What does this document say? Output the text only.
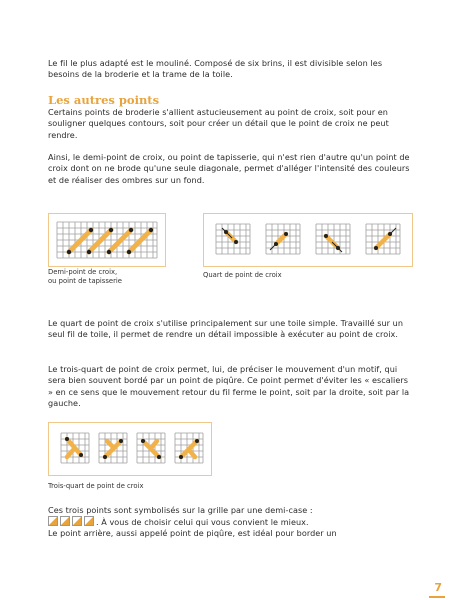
Le fil le plus adapté est le mouliné. Composé de six brins, il est divisible selon les besoins de la broderie et la trame de la toile.

Les autres points

Certains points de broderie s'allient astucieusement au point de croix, soit pour en souligner quelques contours, soit pour créer un détail que le point de croix ne peut rendre.

Ainsi, le demi-point de croix, ou point de tapisserie, qui n'est rien d'autre qu'un point de croix dont on ne brode qu'une seule diagonale, permet d'alléger l'intensité des couleurs et de réaliser des ombres sur un fond.

Demi-point de croix,
ou point de tapisserie

Quart de point de croix

Le quart de point de croix s'utilise principalement sur une toile simple. Travaillé sur un seul fil de toile, il permet de rendre un détail impossible à exécuter au point de croix.

Le trois-quart de point de croix permet, lui, de préciser le mouvement d'un motif, qui sera bien souvent bordé par un point de piqûre. Ce point permet d'éviter les « escaliers » en ce sens que le mouvement retour du fil ferme le point, soit par la droite, soit par la gauche.

Trois-quart de point de croix

Ces trois points sont symbolisés sur la grille par une demi-case :
. À vous de choisir celui qui vous convient le mieux.

Le point arrière, aussi appelé point de piqûre, est idéal pour border un

7
